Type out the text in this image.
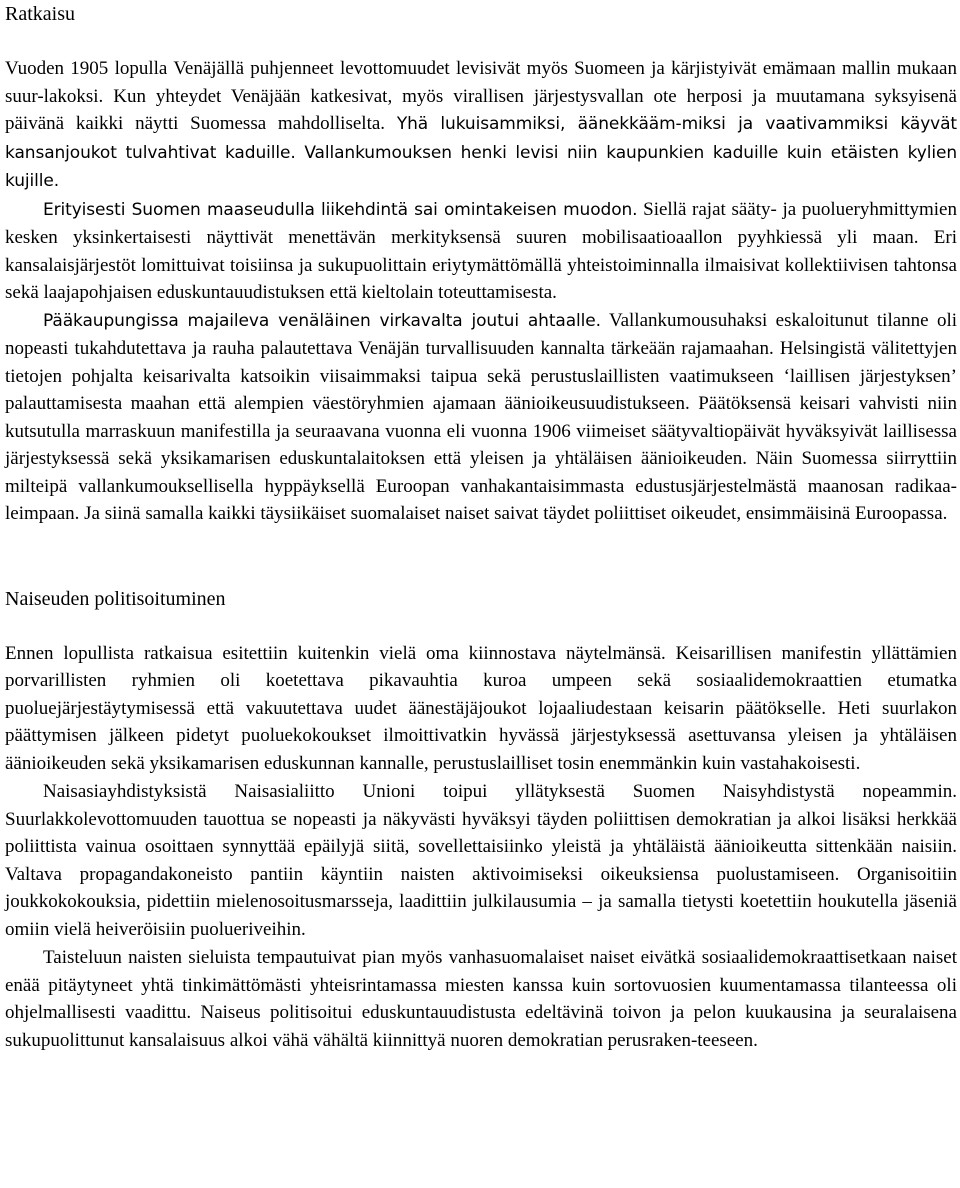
Ratkaisu

Vuoden 1905 lopulla Venäjällä puhjenneet levottomuudet levisivät myös Suomeen ja kärjistyivät emämaan mallin mukaan suur-lakoksi. Kun yhteydet Venäjään katkesivat, myös virallisen järjestysvallan ote herposi ja muutamana syksyisenä päivänä kaikki näytti Suomessa mahdolliselta. Yhä lukuisammiksi, äänekkääm-miksi ja vaativammiksi käyvät kansanjoukot tulvahtivat kaduille. Vallankumouksen henki levisi niin kaupunkien kaduille kuin etäisten kylien kujille.

Erityisesti Suomen maaseudulla liikehdintä sai omintakeisen muodon. Siellä rajat sääty- ja puolueryhmittymien kesken yksinkertaisesti näyttivät menettävän merkityksensä suuren mobilisaatioaallon pyyhkiessä yli maan. Eri kansalaisjärjestöt lomittuivat toisiinsa ja sukupuolittain eriytymättömällä yhteistoiminnalla ilmaisivat kollektiivisen tahtonsa sekä laajapohjaisen eduskuntauudistuksen että kieltolain toteuttamisesta.

Pääkaupungissa majaileva venäläinen virkavalta joutui ahtaalle. Vallankumousuhaksi eskaloitunut tilanne oli nopeasti tukahdutettava ja rauha palautettava Venäjän turvallisuuden kannalta tärkeään rajamaahan. Helsingistä välitettyjen tietojen pohjalta keisarivalta katsoikin viisaimmaksi taipua sekä perustuslaillisten vaatimukseen ‘laillisen järjestyksen’ palauttamisesta maahan että alempien väestöryhmien ajamaan äänioikeusuudistukseen. Päätöksensä keisari vahvisti niin kutsutulla marraskuun manifestilla ja seuraavana vuonna eli vuonna 1906 viimeiset säätyvaltiopäivät hyväksyivät laillisessa järjestyksessä sekä yksikamarisen eduskuntalaitoksen että yleisen ja yhtäläisen äänioikeuden. Näin Suomessa siirryttiin milteipä vallankumouksellisella hyppäyksellä Euroopan vanhakantaisimmasta edustusjärjestelmästä maanosan radikaa-leimpaan. Ja siinä samalla kaikki täysiikäiset suomalaiset naiset saivat täydet poliittiset oikeudet, ensimmäisinä Euroopassa.

Naiseuden politisoituminen

Ennen lopullista ratkaisua esitettiin kuitenkin vielä oma kiinnostava näytelmänsä. Keisarillisen manifestin yllättämien porvarillisten ryhmien oli koetettava pikavauhtia kuroa umpeen sekä sosiaalidemokraattien etumatka puoluejärjestäytymisessä että vakuutettava uudet äänestäjäjoukot lojaaliudestaan keisarin päätökselle. Heti suurlakon päättymisen jälkeen pidetyt puoluekokoukset ilmoittivatkin hyvässä järjestyksessä asettuvansa yleisen ja yhtäläisen äänioikeuden sekä yksikamarisen eduskunnan kannalle, perustuslailliset tosin enemmänkin kuin vastahakoisesti.

Naisasiayhdistyksistä Naisasialiitto Unioni toipui yllätyksestä Suomen Naisyhdistystä nopeammin. Suurlakkolevottomuuden tauottua se nopeasti ja näkyvästi hyväksyi täyden poliittisen demokratian ja alkoi lisäksi herkkää poliittista vainua osoittaen synnyttää epäilyjä siitä, sovellettaisiinko yleistä ja yhtäläistä äänioikeutta sittenkään naisiin. Valtava propagandakoneisto pantiin käyntiin naisten aktivoimiseksi oikeuksiensa puolustamiseen. Organisoitiin joukkokokouksia, pidettiin mielenosoitusmarsseja, laadittiin julkilausumia – ja samalla tietysti koetettiin houkutella jäseniä omiin vielä heiveröisiin puolueriveihin.

Taisteluun naisten sieluista tempautuivat pian myös vanhasuomalaiset naiset eivätkä sosiaalidemokraattisetkaan naiset enää pitäytyneet yhtä tinkimättömästi yhteisrintamassa miesten kanssa kuin sortovuosien kuumentamassa tilanteessa oli ohjelmallisesti vaadittu. Naiseus politisoitui eduskuntauudistusta edeltävinä toivon ja pelon kuukausina ja seuralaisena sukupuolittunut kansalaisuus alkoi vähä vähältä kiinnittyä nuoren demokratian perusraken-teeseen.
